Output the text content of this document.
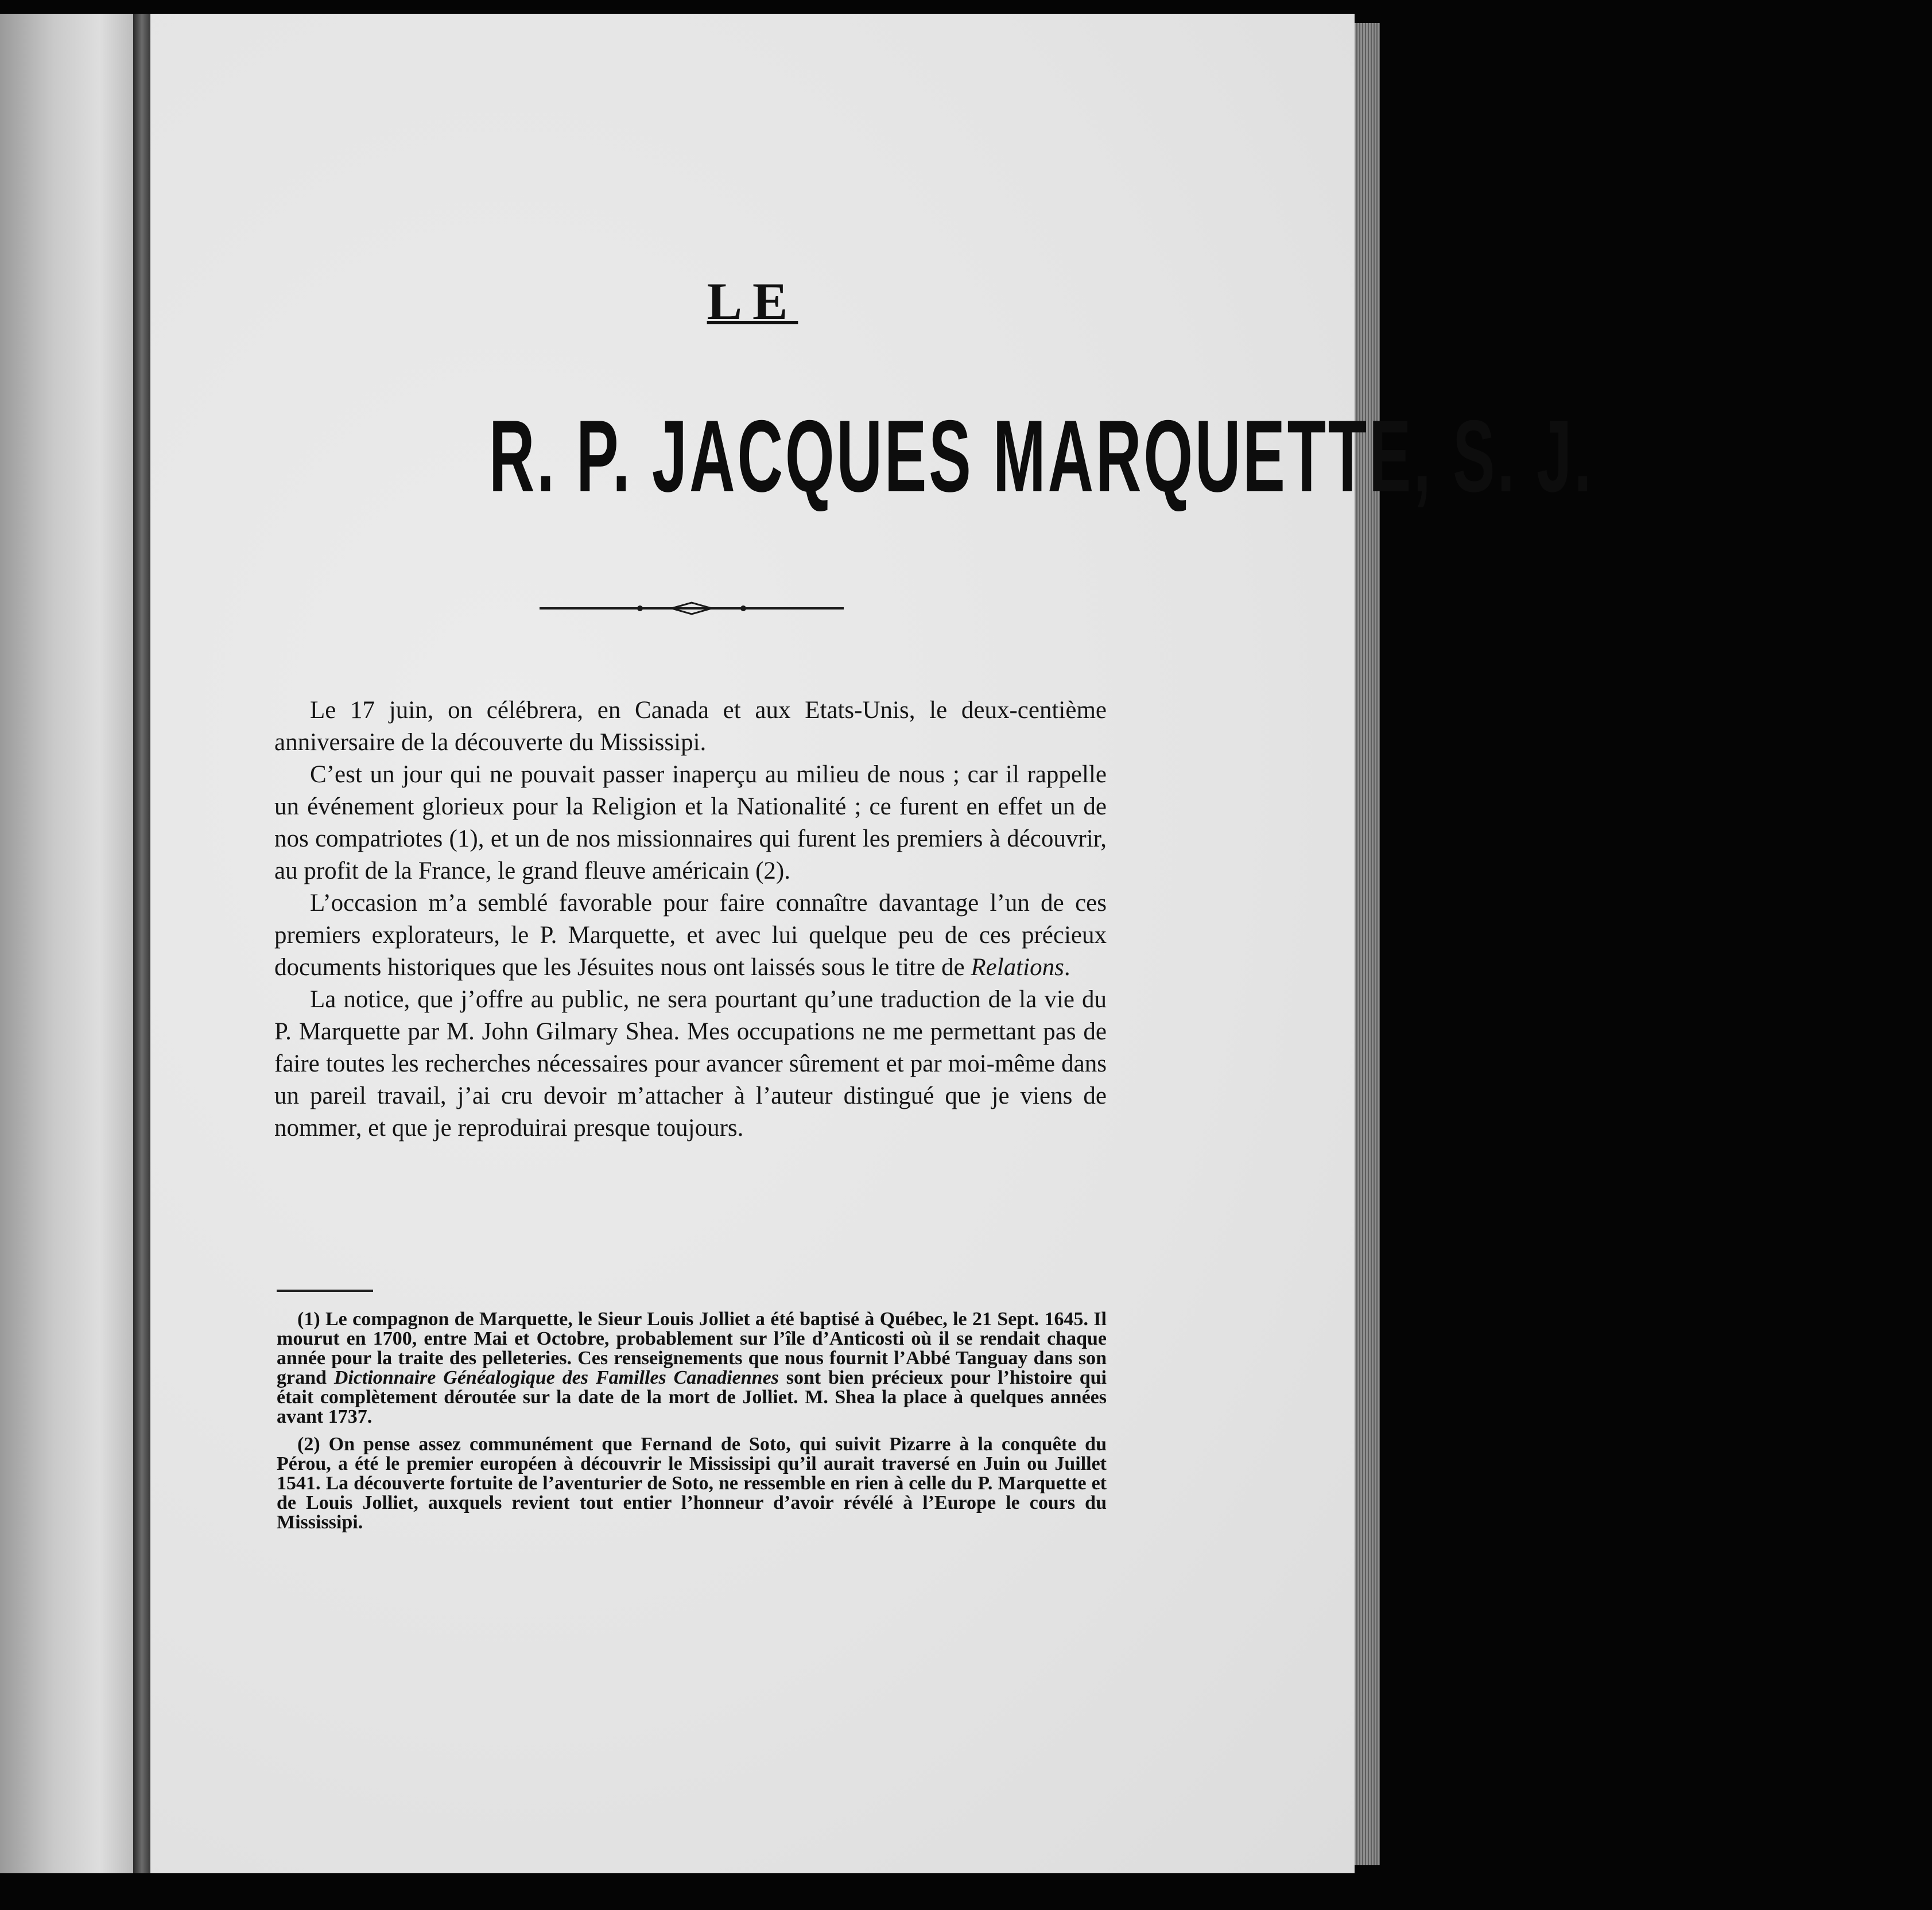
LE
R. P. JACQUES MARQUETTE, S. J.

Le 17 juin, on célébrera, en Canada et aux Etats-Unis, le deux-centième anniversaire de la découverte du Mississipi.

C’est un jour qui ne pouvait passer inaperçu au milieu de nous ; car il rappelle un événement glorieux pour la Religion et la Nationalité ; ce furent en effet un de nos compatriotes (1), et un de nos missionnaires qui furent les premiers à découvrir, au profit de la France, le grand fleuve américain (2).

L’occasion m’a semblé favorable pour faire connaître davantage l’un de ces premiers explorateurs, le P. Marquette, et avec lui quelque peu de ces précieux documents historiques que les Jésuites nous ont laissés sous le titre de Relations.

La notice, que j’offre au public, ne sera pourtant qu’une traduction de la vie du P. Marquette par M. John Gilmary Shea. Mes occupations ne me permettant pas de faire toutes les recherches nécessaires pour avancer sûrement et par moi-même dans un pareil travail, j’ai cru devoir m’attacher à l’auteur distingué que je viens de nommer, et que je reproduirai presque toujours.

(1) Le compagnon de Marquette, le Sieur Louis Jolliet a été baptisé à Québec, le 21 Sept. 1645. Il mourut en 1700, entre Mai et Octobre, probablement sur l’île d’Anticosti où il se rendait chaque année pour la traite des pelleteries. Ces renseignements que nous fournit l’Abbé Tanguay dans son grand Dictionnaire Généalogique des Familles Canadiennes sont bien précieux pour l’histoire qui était complètement déroutée sur la date de la mort de Jolliet. M. Shea la place à quelques années avant 1737.

(2) On pense assez communément que Fernand de Soto, qui suivit Pizarre à la conquête du Pérou, a été le premier européen à découvrir le Mississipi qu’il aurait traversé en Juin ou Juillet 1541. La découverte fortuite de l’aventurier de Soto, ne ressemble en rien à celle du P. Marquette et de Louis Jolliet, auxquels revient tout entier l’honneur d’avoir révélé à l’Europe le cours du Mississipi.
